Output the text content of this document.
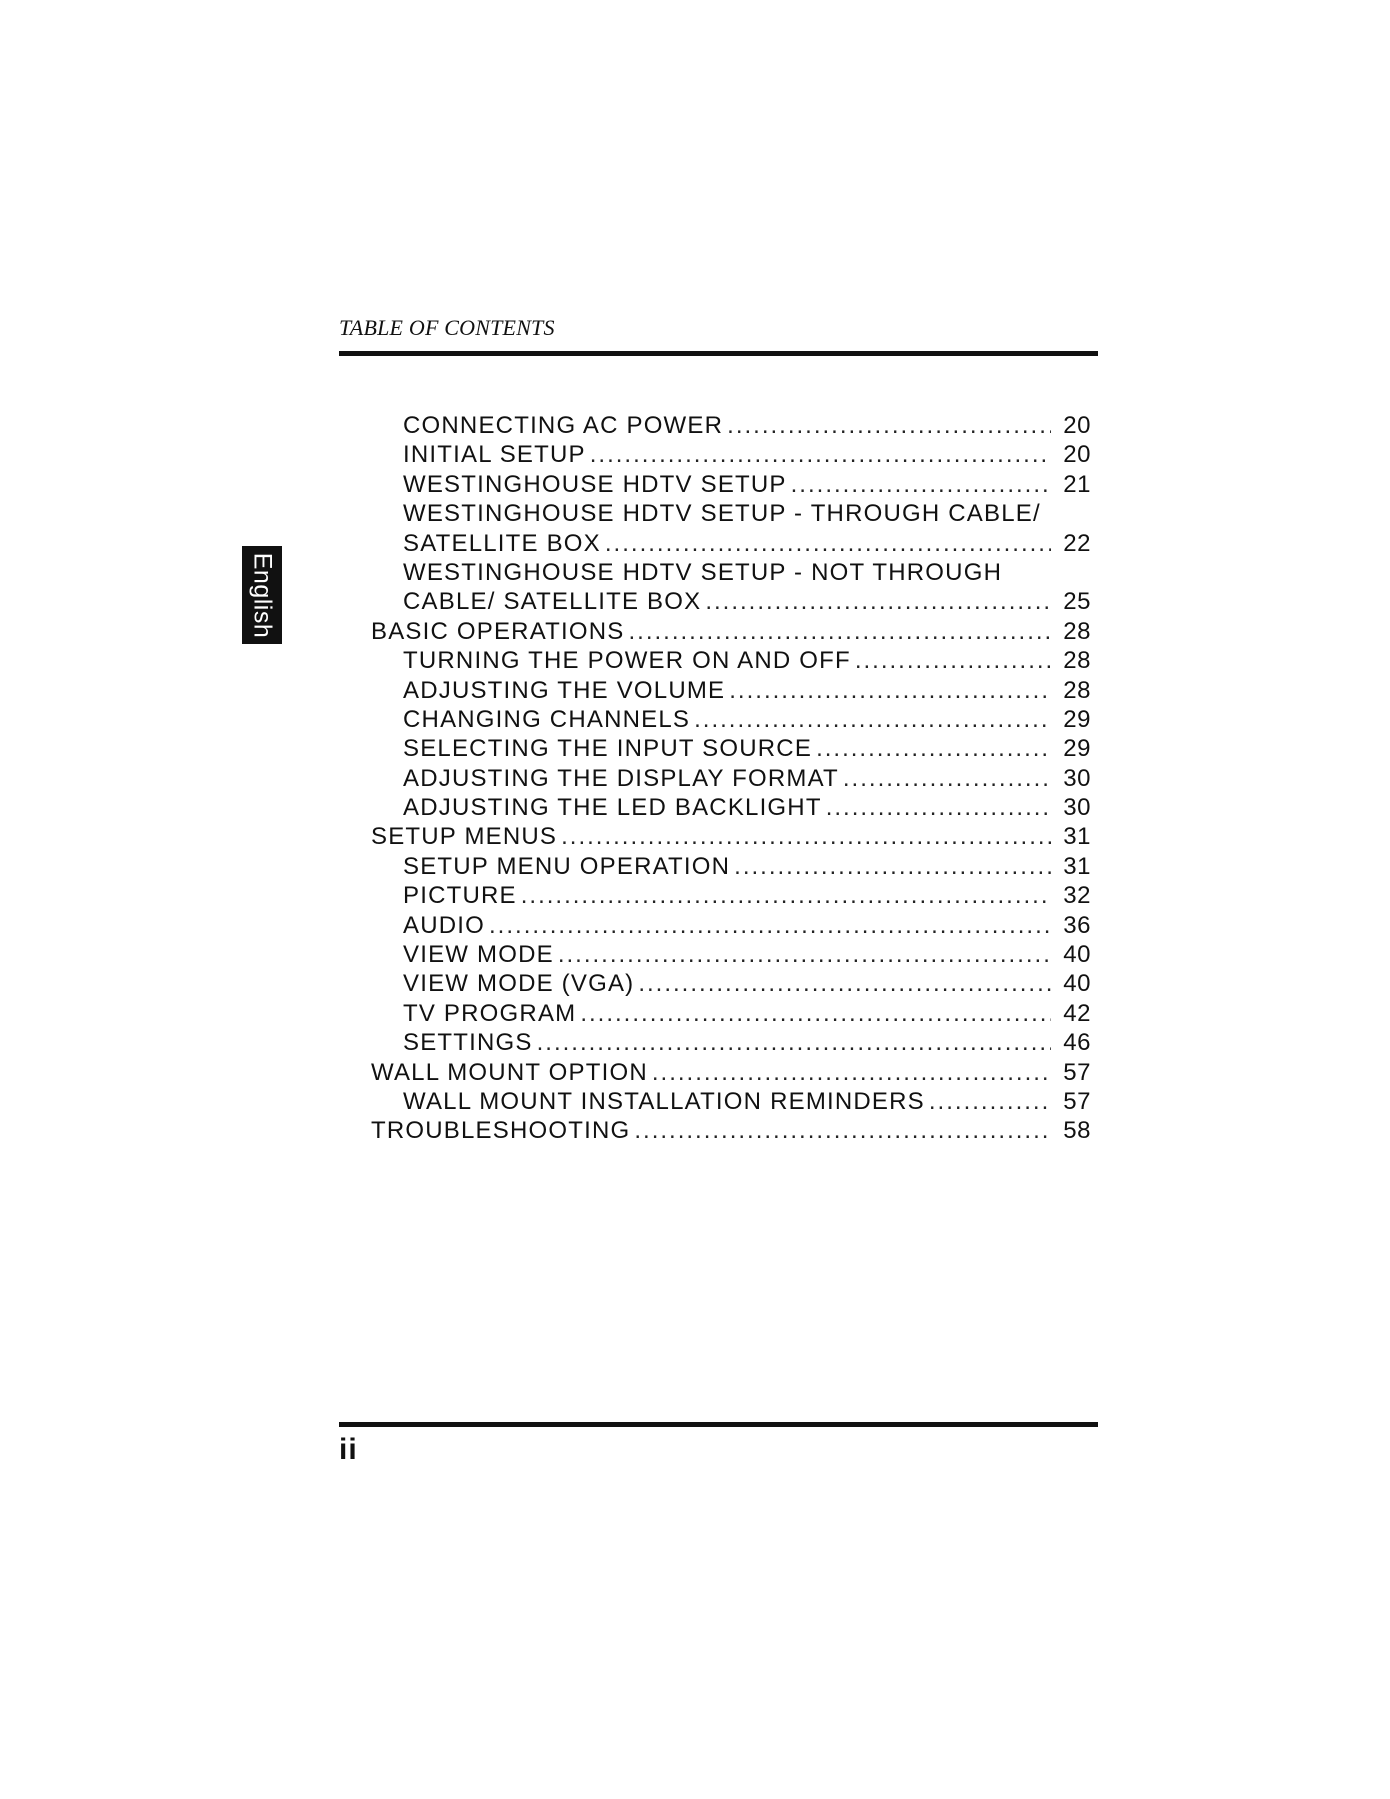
TABLE OF CONTENTS
English
CONNECTING AC POWER .....	20
INITIAL SETUP .....	20
WESTINGHOUSE HDTV SETUP .....	21
WESTINGHOUSE HDTV SETUP - THROUGH CABLE/
SATELLITE BOX .....	22
WESTINGHOUSE HDTV SETUP - NOT THROUGH
CABLE/ SATELLITE BOX .....	25
BASIC OPERATIONS .....	28
TURNING THE POWER ON AND OFF .....	28
ADJUSTING THE VOLUME .....	28
CHANGING CHANNELS .....	29
SELECTING THE INPUT SOURCE .....	29
ADJUSTING THE DISPLAY FORMAT .....	30
ADJUSTING THE LED BACKLIGHT .....	30
SETUP MENUS .....	31
SETUP MENU OPERATION .....	31
PICTURE .....	32
AUDIO .....	36
VIEW MODE .....	40
VIEW MODE (VGA) .....	40
TV PROGRAM .....	42
SETTINGS .....	46
WALL MOUNT OPTION .....	57
WALL MOUNT INSTALLATION REMINDERS .....	57
TROUBLESHOOTING .....	58
ii
